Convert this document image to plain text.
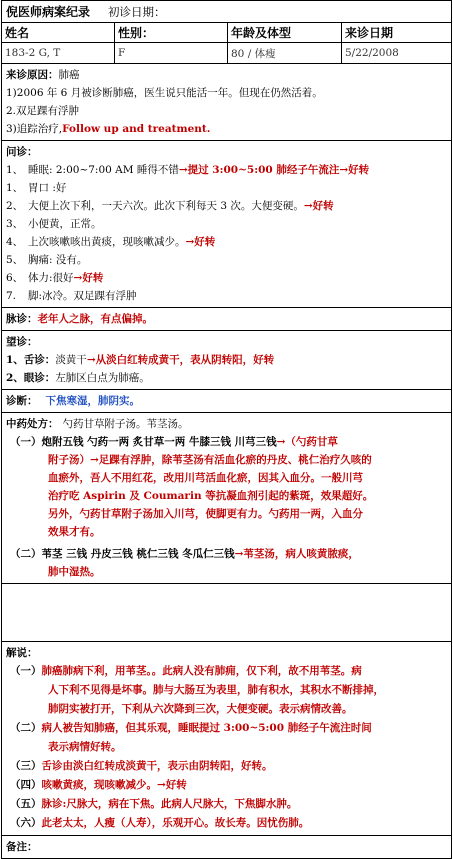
倪医师病案纪录 初诊日期：
姓名	性别：	年龄及体型	来诊日期
183-2 G, T	F	80 / 体瘦	5/22/2008
来诊原因：肺癌
1)2006 年 6 月被诊断肺癌，医生说只能活一年。但现在仍然活着。
2.双足踝有浮肿
3)追踪治疗,Follow up and treatment.
问诊：
1、 睡眠: 2:00~7:00 AM 睡得不错→提过 3:00~5:00 肺经子午流注→好转
1、 胃口 :好
2、 大便上次下利，一天六次。此次下利每天 3 次。大便变硬。→好转
3、 小便黄，正常。
4、 上次咳嗽咳出黄痰，现咳嗽减少。→好转
5、 胸痛: 没有。
6、 体力:很好→好转
7. 脚:冰冷。双足踝有浮肿
脉诊：老年人之脉，有点偏掉。
望诊：
1、舌诊：淡黄干→从淡白红转成黄干，表从阴转阳，好转
2、眼诊：左肺区白点为肺癌。
诊断： 下焦寒湿，肺阴实。
中药处方： 勺药甘草附子汤。苇茎汤。
（一）炮附五钱 勺药一两 炙甘草一两 牛膝三钱 川芎三钱→（勺药甘草
附子汤）→足踝有浮肿，除苇茎汤有活血化瘀的丹皮、桃仁治疗久咳的
血瘀外，吾人不用红花，改用川芎活血化瘀，因其入血分。一般川芎
治疗吃 Aspirin 及 Coumarin 等抗凝血剂引起的紫斑，效果超好。
另外，勺药甘草附子汤加入川芎，使脚更有力。勺药用一两，入血分
效果才有。
（二）苇茎 三钱 丹皮三钱 桃仁三钱 冬瓜仁三钱→苇茎汤，病人咳黄脓痰，
肺中湿热。
解说：
（一）肺癌肺病下利，用苇茎。。此病人没有肺痈，仅下利，故不用苇茎。病
人下利不见得是坏事。肺与大肠互为表里，肺有积水，其积水不断排掉，
肺阴实被打开，下利从六次降到三次，大便变硬。表示病情改善。
（二）病人被告知肺癌，但其乐观，睡眠提过 3:00~5:00 肺经子午流注时间
表示病情好转。
（三）舌诊由淡白红转成淡黄干，表示由阴转阳，好转。
（四）咳嗽黄痰，现咳嗽减少。→好转
（五）脉诊:尺脉大，病在下焦。此病人尺脉大，下焦脚水肿。
（六）此老太太，人瘦（人寿），乐观开心。故长寿。因忧伤肺。
备注：
